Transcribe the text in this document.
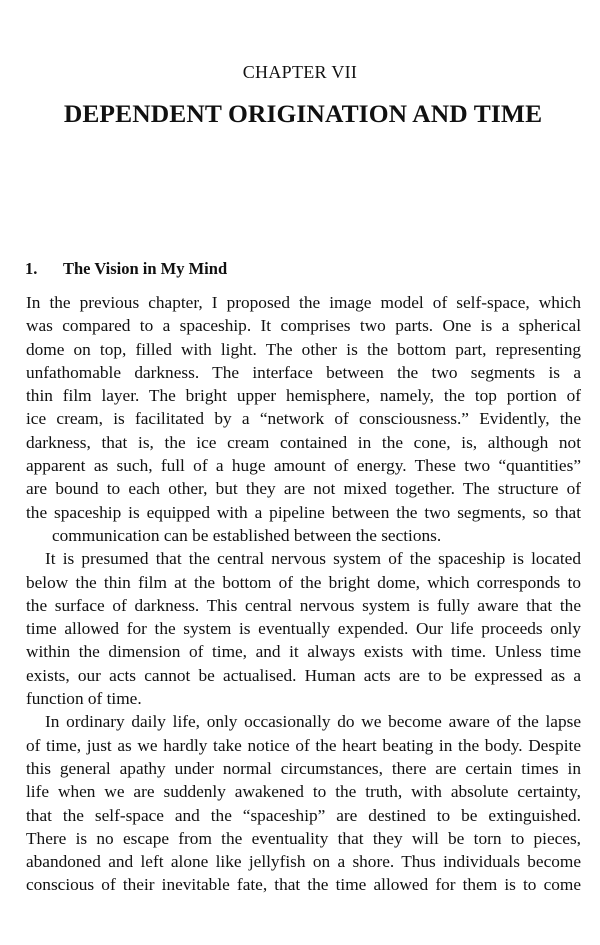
CHAPTER VII
DEPENDENT ORIGINATION AND TIME
1. The Vision in My Mind
In the previous chapter, I proposed the image model of self-space, which
was compared to a spaceship. It comprises two parts. One is a spherical
dome on top, filled with light. The other is the bottom part, representing
unfathomable darkness. The interface between the two segments is a
thin film layer. The bright upper hemisphere, namely, the top portion of
ice cream, is facilitated by a “network of consciousness.” Evidently, the
darkness, that is, the ice cream contained in the cone, is, although not
apparent as such, full of a huge amount of energy. These two “quantities”
are bound to each other, but they are not mixed together. The structure of
the spaceship is equipped with a pipeline between the two segments, so that
communication can be established between the sections.
It is presumed that the central nervous system of the spaceship is located
below the thin film at the bottom of the bright dome, which corresponds to
the surface of darkness. This central nervous system is fully aware that the
time allowed for the system is eventually expended. Our life proceeds only
within the dimension of time, and it always exists with time. Unless time
exists, our acts cannot be actualised. Human acts are to be expressed as a
function of time.
In ordinary daily life, only occasionally do we become aware of the lapse
of time, just as we hardly take notice of the heart beating in the body. Despite
this general apathy under normal circumstances, there are certain times in
life when we are suddenly awakened to the truth, with absolute certainty,
that the self-space and the “spaceship” are destined to be extinguished.
There is no escape from the eventuality that they will be torn to pieces,
abandoned and left alone like jellyfish on a shore. Thus individuals become
conscious of their inevitable fate, that the time allowed for them is to come
